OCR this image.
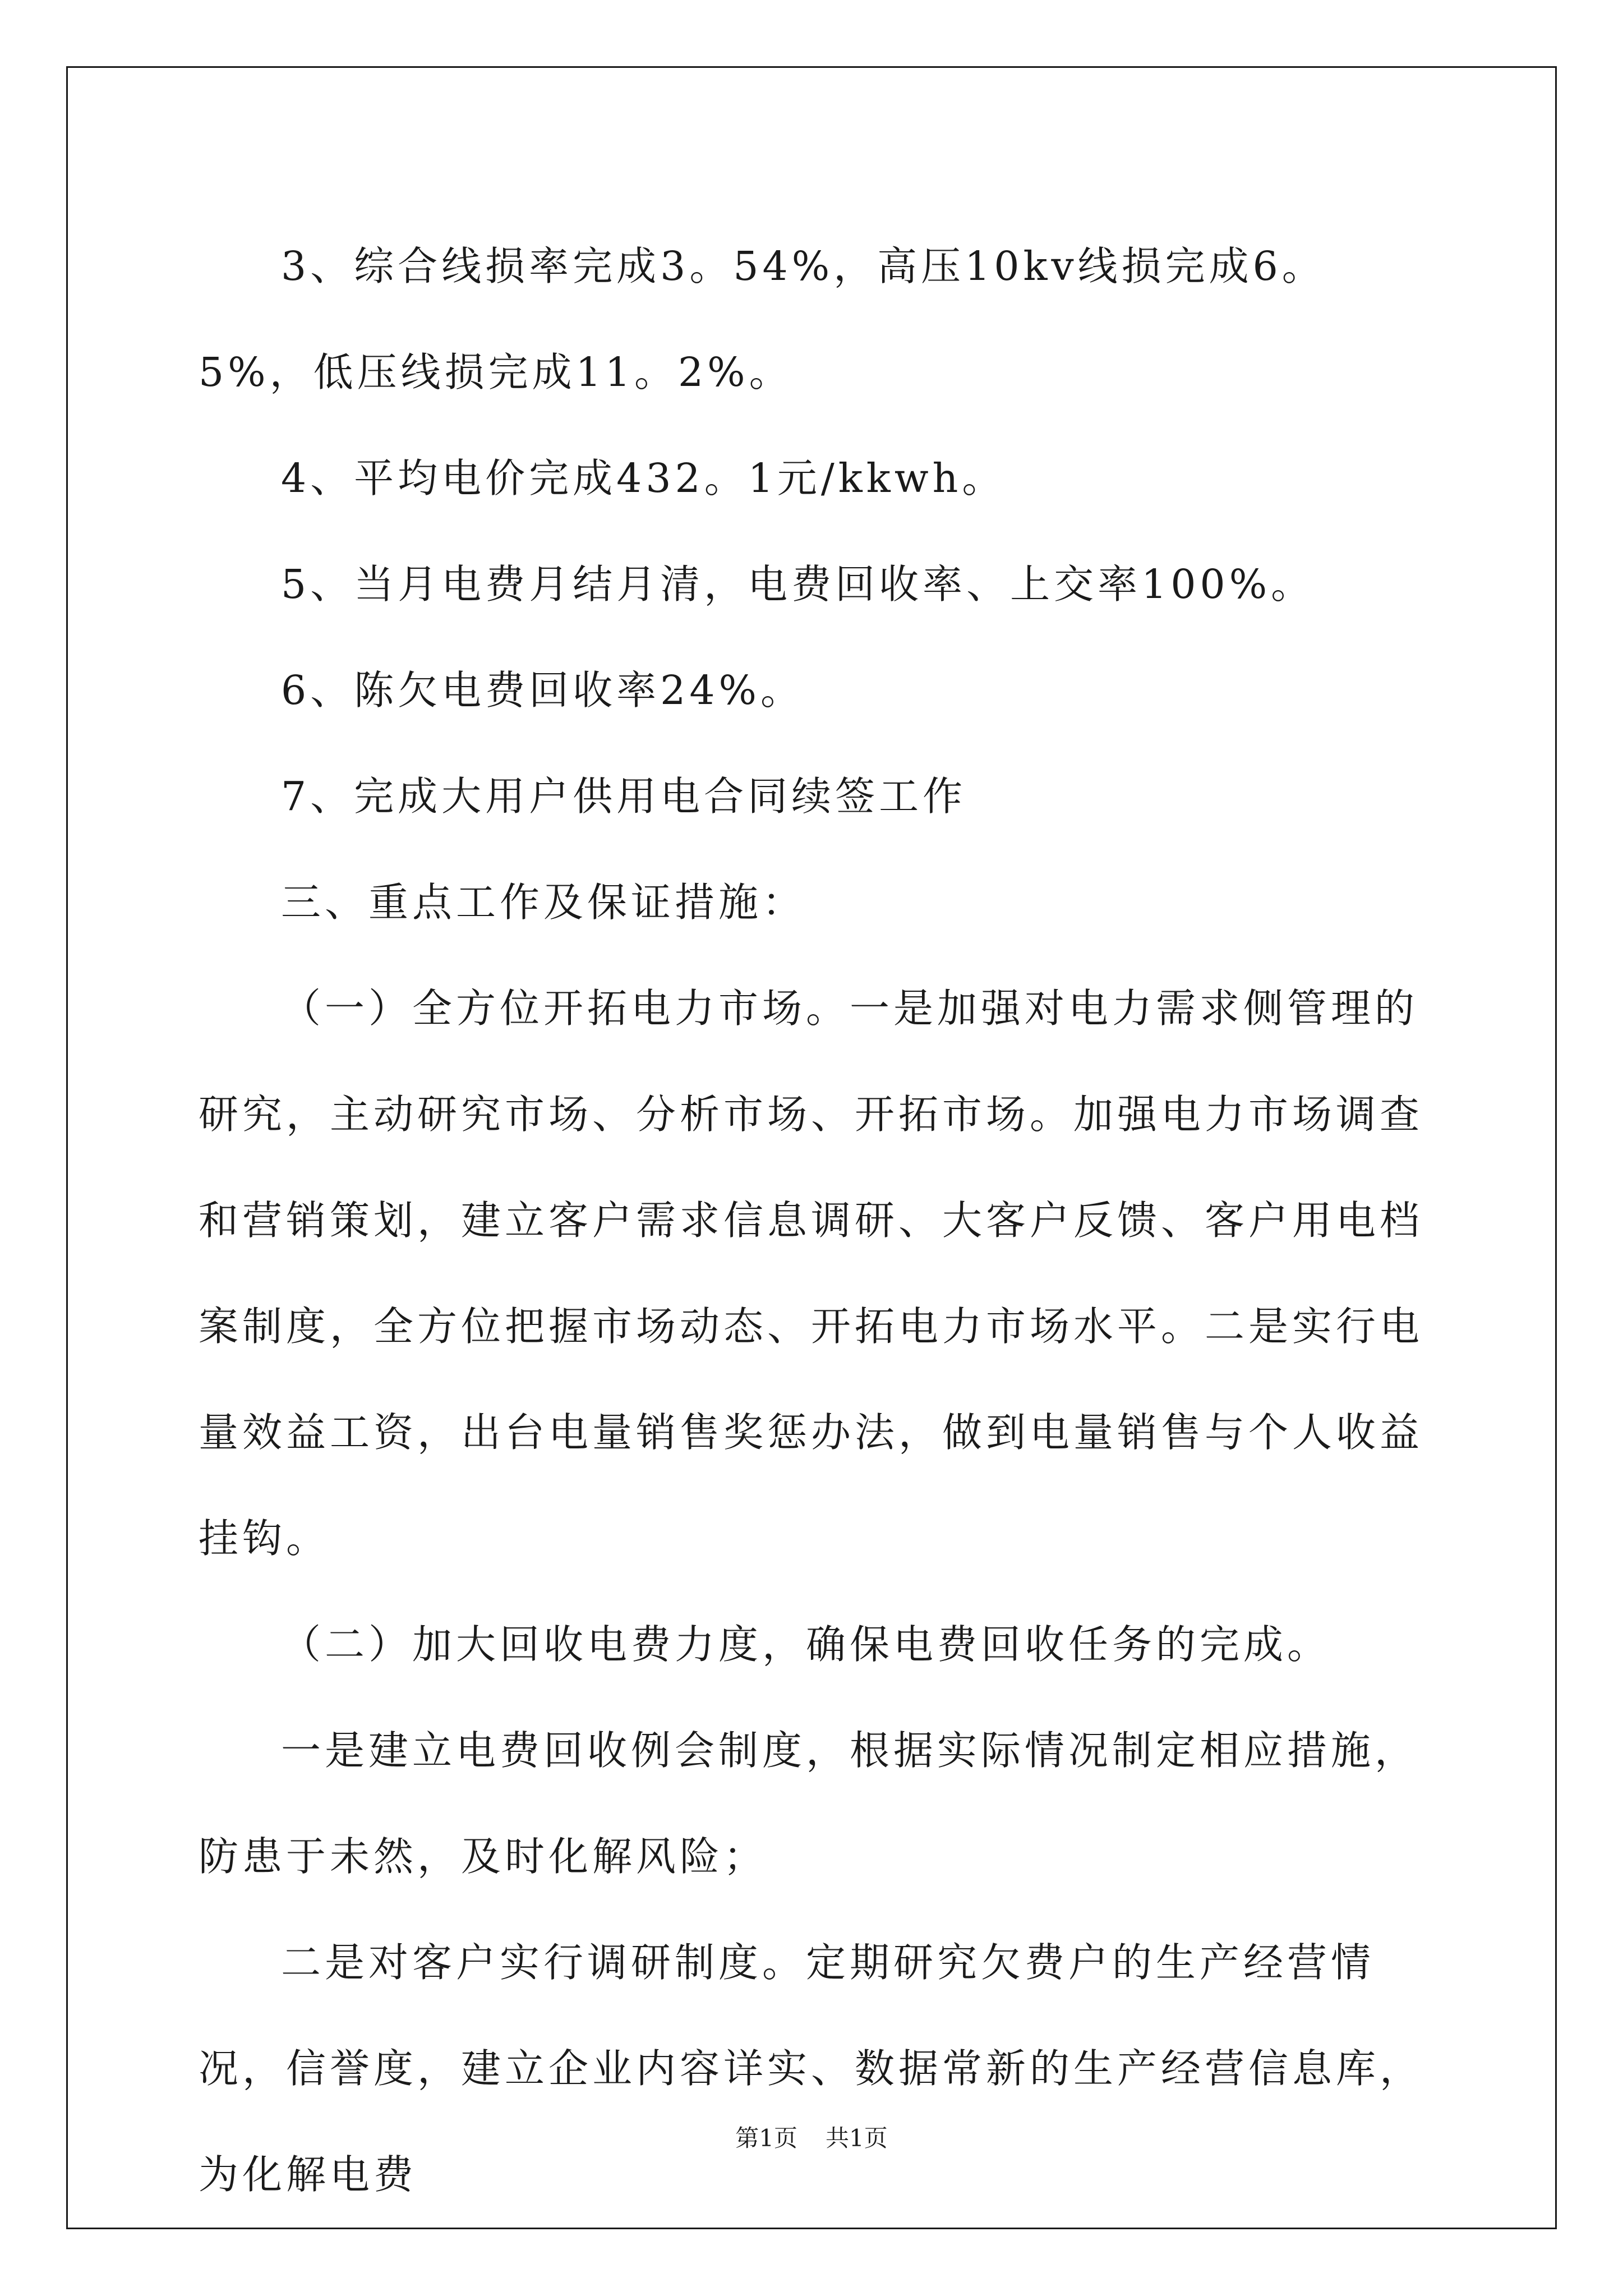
3、综合线损率完成3。54%，高压10kv线损完成6。5%，低压线损完成11。2%。

4、平均电价完成432。1元/kkwh。

5、当月电费月结月清，电费回收率、上交率100%。

6、陈欠电费回收率24%。

7、完成大用户供用电合同续签工作

三、重点工作及保证措施：

（一）全方位开拓电力市场。一是加强对电力需求侧管理的研究，主动研究市场、分析市场、开拓市场。加强电力市场调查和营销策划，建立客户需求信息调研、大客户反馈、客户用电档案制度，全方位把握市场动态、开拓电力市场水平。二是实行电量效益工资，出台电量销售奖惩办法，做到电量销售与个人收益挂钩。

（二）加大回收电费力度，确保电费回收任务的完成。

一是建立电费回收例会制度，根据实际情况制定相应措施，防患于未然，及时化解风险；

二是对客户实行调研制度。定期研究欠费户的生产经营情况，信誉度，建立企业内容详实、数据常新的生产经营信息库，为化解电费

第1页 共1页
